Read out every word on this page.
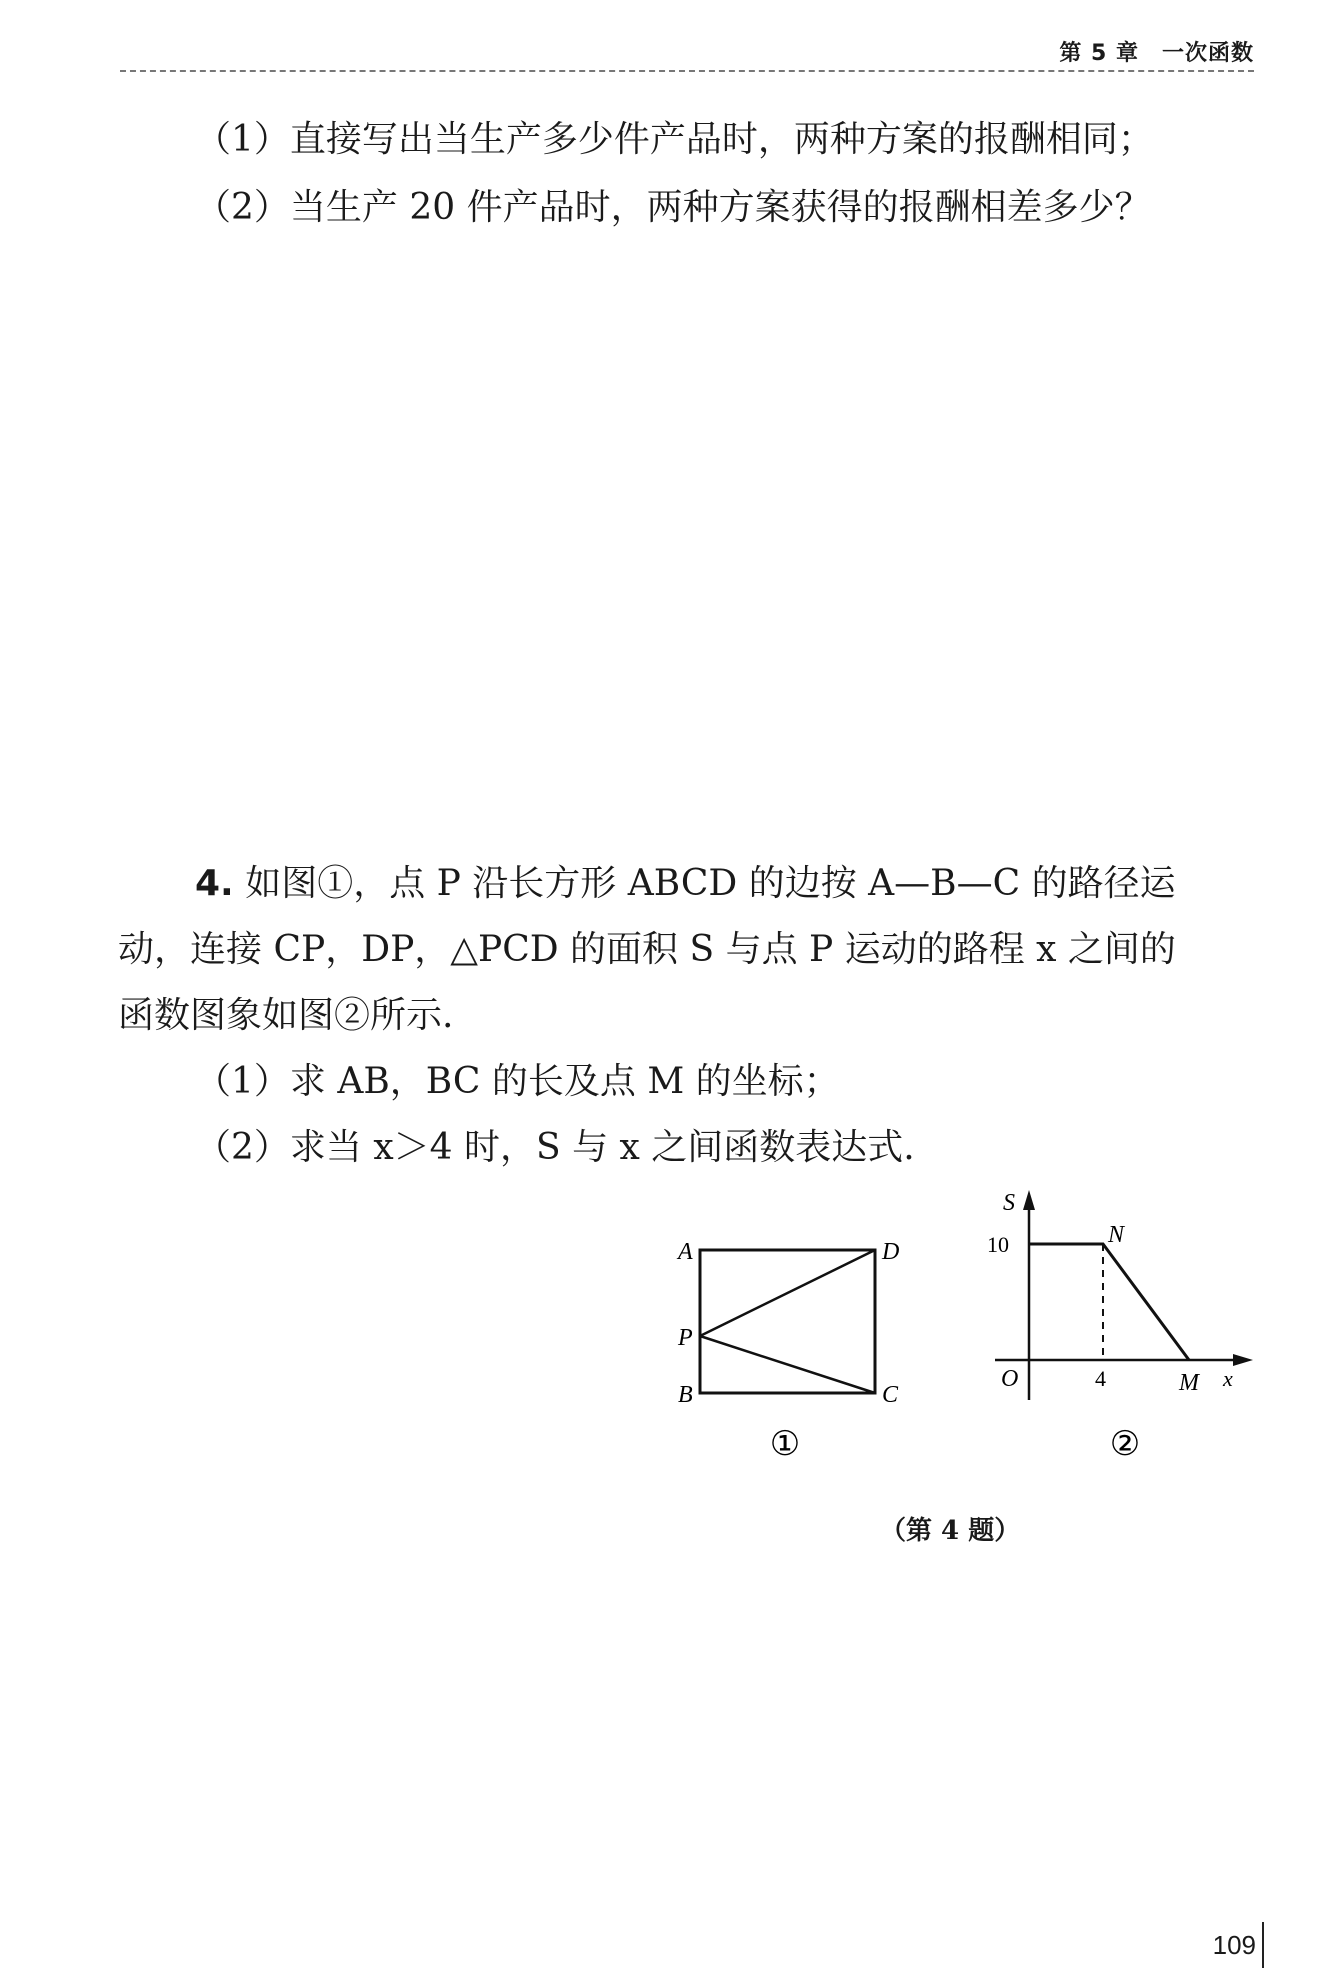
第 5 章　一次函数
（1）直接写出当生产多少件产品时，两种方案的报酬相同；
（2）当生产 20 件产品时，两种方案获得的报酬相差多少？
4. 如图①，点 P 沿长方形 ABCD 的边按 A—B—C 的路径运
动，连接 CP，DP，△PCD 的面积 S 与点 P 运动的路程 x 之间的
函数图象如图②所示.
（1）求 AB，BC 的长及点 M 的坐标；
（2）求当 x＞4 时，S 与 x 之间函数表达式.
A	D
P
B	C
①
S
10	N
O	4	M x
②
（第 4 题）
109
